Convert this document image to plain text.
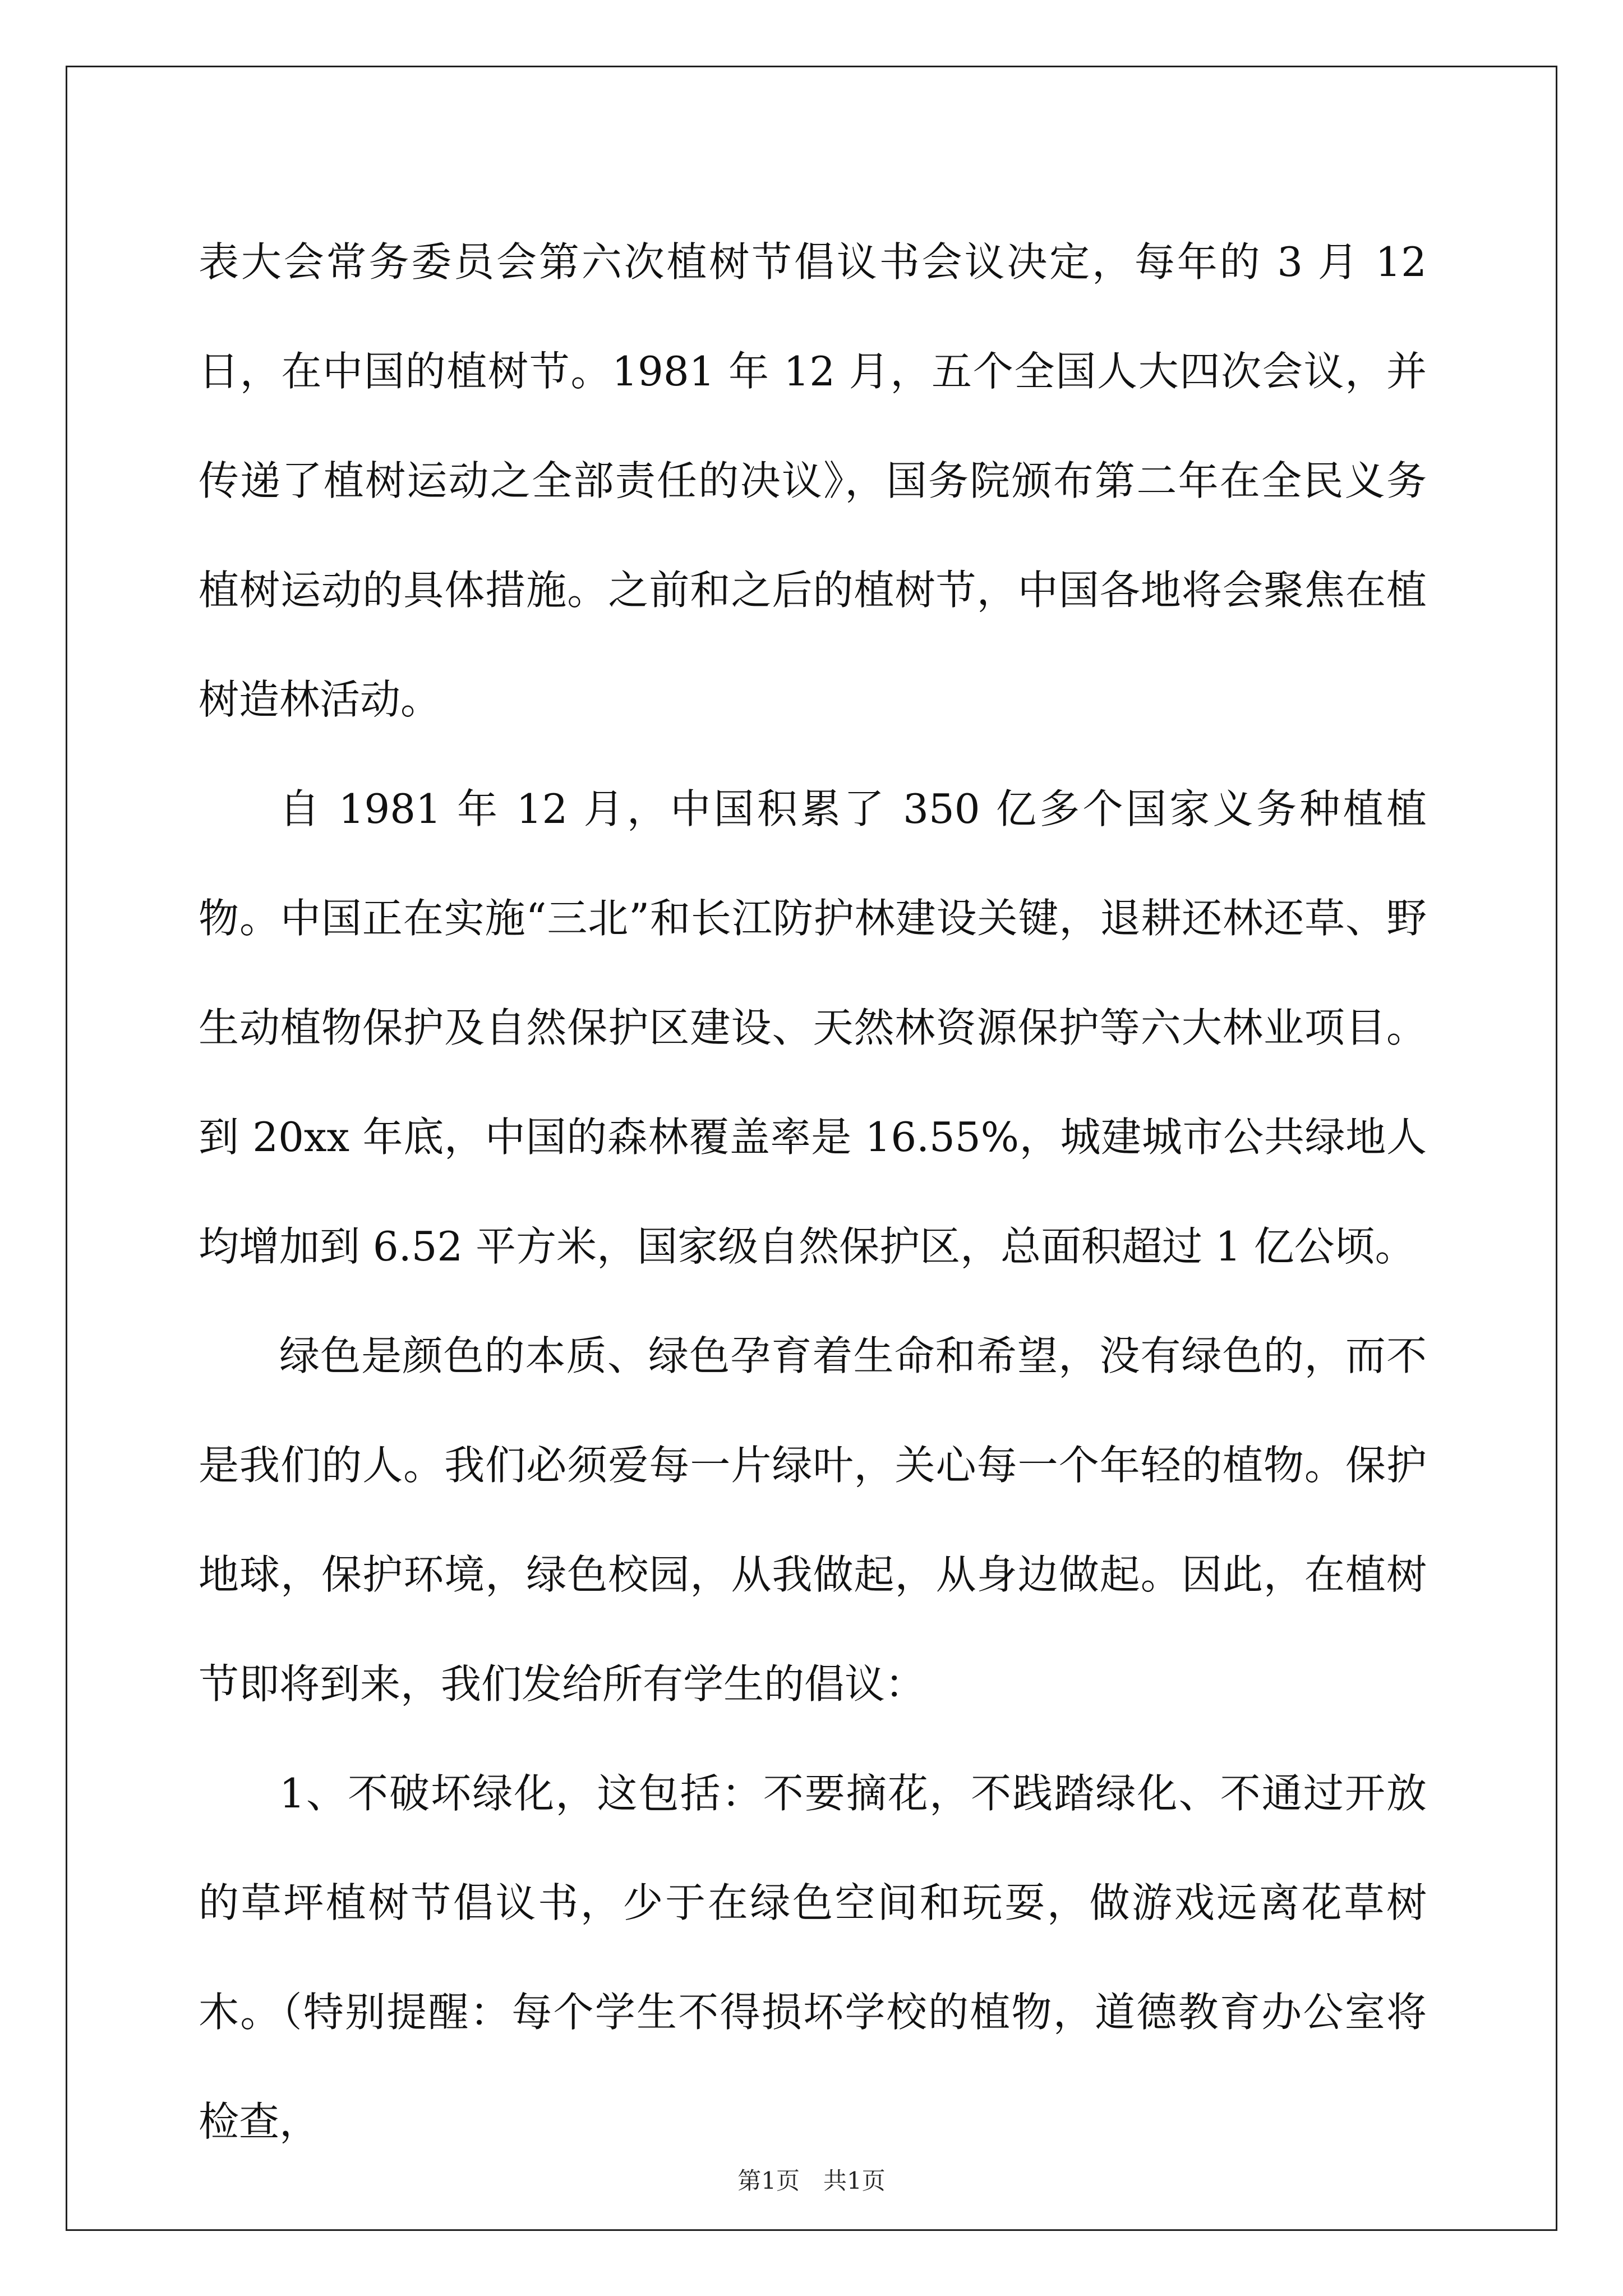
表大会常务委员会第六次植树节倡议书会议决定，每年的 3 月 12 日，在中国的植树节。1981 年 12 月，五个全国人大四次会议，并传递了植树运动之全部责任的决议》，国务院颁布第二年在全民义务植树运动的具体措施。之前和之后的植树节，中国各地将会聚焦在植树造林活动。

自 1981 年 12 月，中国积累了 350 亿多个国家义务种植植物。中国正在实施“三北”和长江防护林建设关键，退耕还林还草、野生动植物保护及自然保护区建设、天然林资源保护等六大林业项目。到 20xx 年底，中国的森林覆盖率是 16.55%，城建城市公共绿地人均增加到 6.52 平方米，国家级自然保护区，总面积超过 1 亿公顷。

绿色是颜色的本质、绿色孕育着生命和希望，没有绿色的，而不是我们的人。我们必须爱每一片绿叶，关心每一个年轻的植物。保护地球，保护环境，绿色校园，从我做起，从身边做起。因此，在植树节即将到来，我们发给所有学生的倡议：

1、不破坏绿化，这包括：不要摘花，不践踏绿化、不通过开放的草坪植树节倡议书，少于在绿色空间和玩耍，做游戏远离花草树木。（特别提醒：每个学生不得损坏学校的植物，道德教育办公室将检查，

第1页　共1页
